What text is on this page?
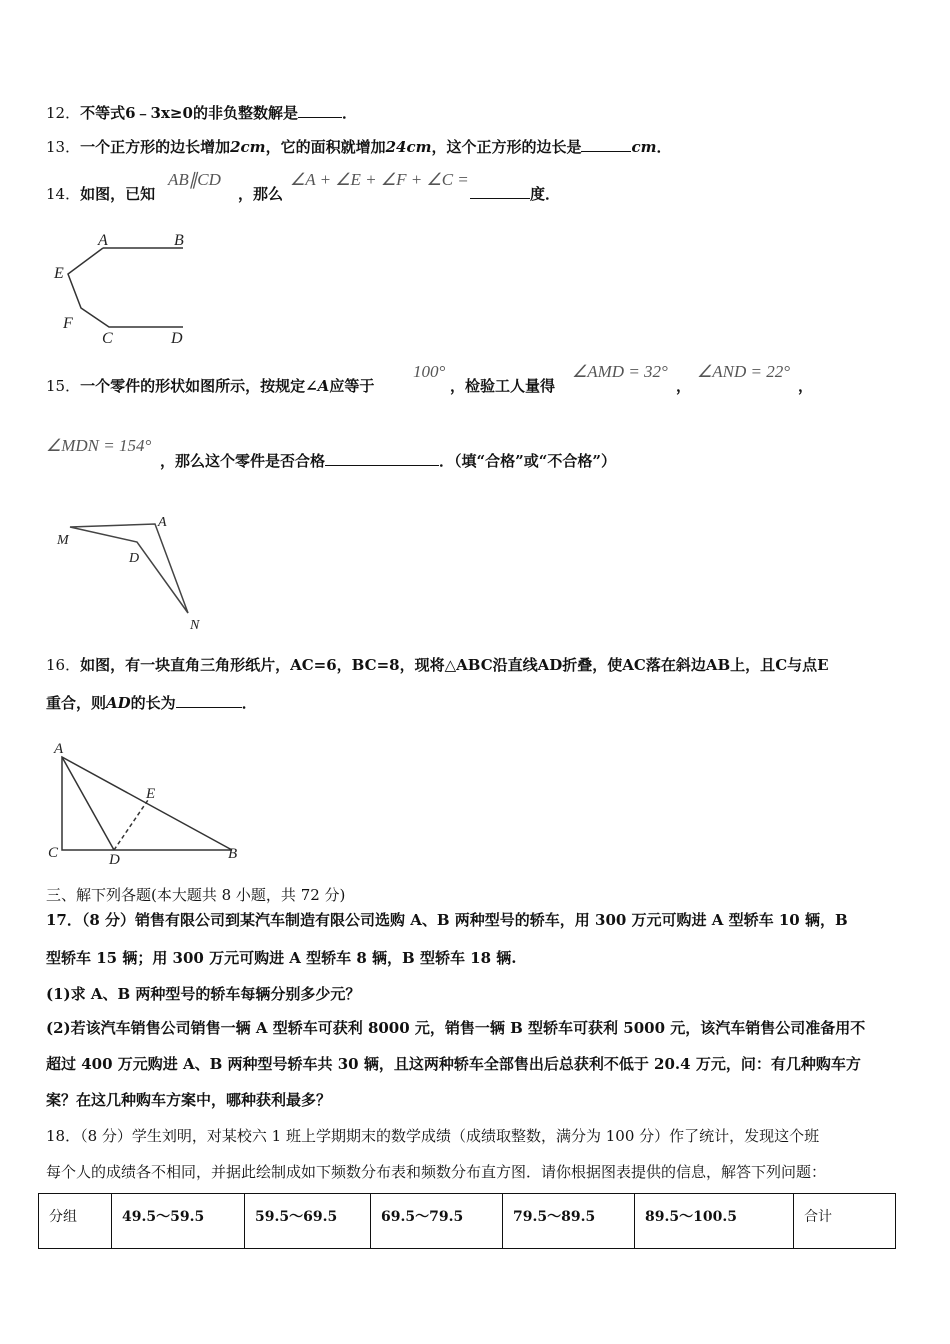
12．不等式6﹣3x≥0的非负整数解是	．
13．一个正方形的边长增加2cm，它的面积就增加24cm，这个正方形的边长是	cm．
14．如图，已知
AB∥CD
，那么
∠A + ∠E + ∠F + ∠C =
度．
A	B
E
F
C	D
15．一个零件的形状如图所示，按规定∠A应等于
100°
，检验工人量得
∠AMD = 32°
，
∠AND = 22°
，
∠MDN = 154°
，那么这个零件是否合格	．（填“合格”或“不合格”）
M
A
D
N
16．如图，有一块直角三角形纸片，AC=6，BC=8，现将△ABC沿直线AD折叠，使AC落在斜边AB上，且C与点E
重合，则AD的长为	．
A
E
C	D	B
三、解下列各题(本大题共 8 小题，共 72 分)
17．（8 分）销售有限公司到某汽车制造有限公司选购 A、B 两种型号的轿车，用 300 万元可购进 A 型轿车 10 辆，B
型轿车 15 辆；用 300 万元可购进 A 型轿车 8 辆，B 型轿车 18 辆.
(1)求 A、B 两种型号的轿车每辆分别多少元？
(2)若该汽车销售公司销售一辆 A 型轿车可获利 8000 元，销售一辆 B 型轿车可获利 5000 元，该汽车销售公司准备用不
超过 400 万元购进 A、B 两种型号轿车共 30 辆，且这两种轿车全部售出后总获利不低于 20.4 万元，问：有几种购车方
案？在这几种购车方案中，哪种获利最多？
18．（8 分）学生刘明，对某校六 1 班上学期期末的数学成绩（成绩取整数，满分为 100 分）作了统计，发现这个班
每个人的成绩各不相同，并据此绘制成如下频数分布表和频数分布直方图．请你根据图表提供的信息，解答下列问题：
分组	49.5～59.5	59.5～69.5	69.5～79.5	79.5～89.5	89.5～100.5	合计
